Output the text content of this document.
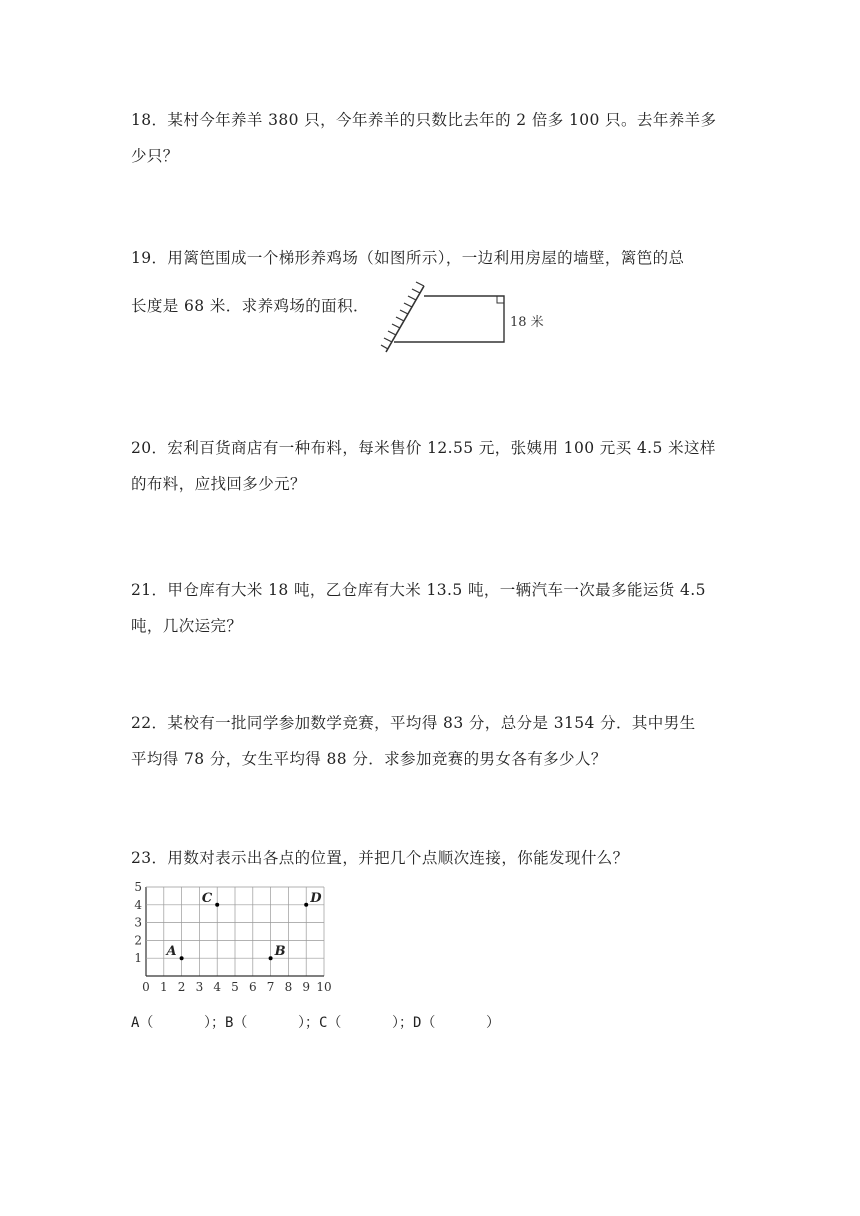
18．某村今年养羊 380 只，今年养羊的只数比去年的 2 倍多 100 只。去年养羊多
少只？

19．用篱笆围成一个梯形养鸡场（如图所示），一边利用房屋的墙壁，篱笆的总
长度是 68 米．求养鸡场的面积．

18 米

20．宏利百货商店有一种布料，每米售价 12.55 元，张姨用 100 元买 4.5 米这样
的布料，应找回多少元？

21．甲仓库有大米 18 吨，乙仓库有大米 13.5 吨，一辆汽车一次最多能运货 4.5
吨，几次运完？

22．某校有一批同学参加数学竞赛，平均得 83 分，总分是 3154 分．其中男生
平均得 78 分，女生平均得 88 分．求参加竞赛的男女各有多少人？

23．用数对表示出各点的位置，并把几个点顺次连接，你能发现什么？

0 1 2 3 4 5 6 7 8 9 10
1
2
3
4
5
A	B
C	D

A（      ）；B（      ）；C（      ）；D（      ）
